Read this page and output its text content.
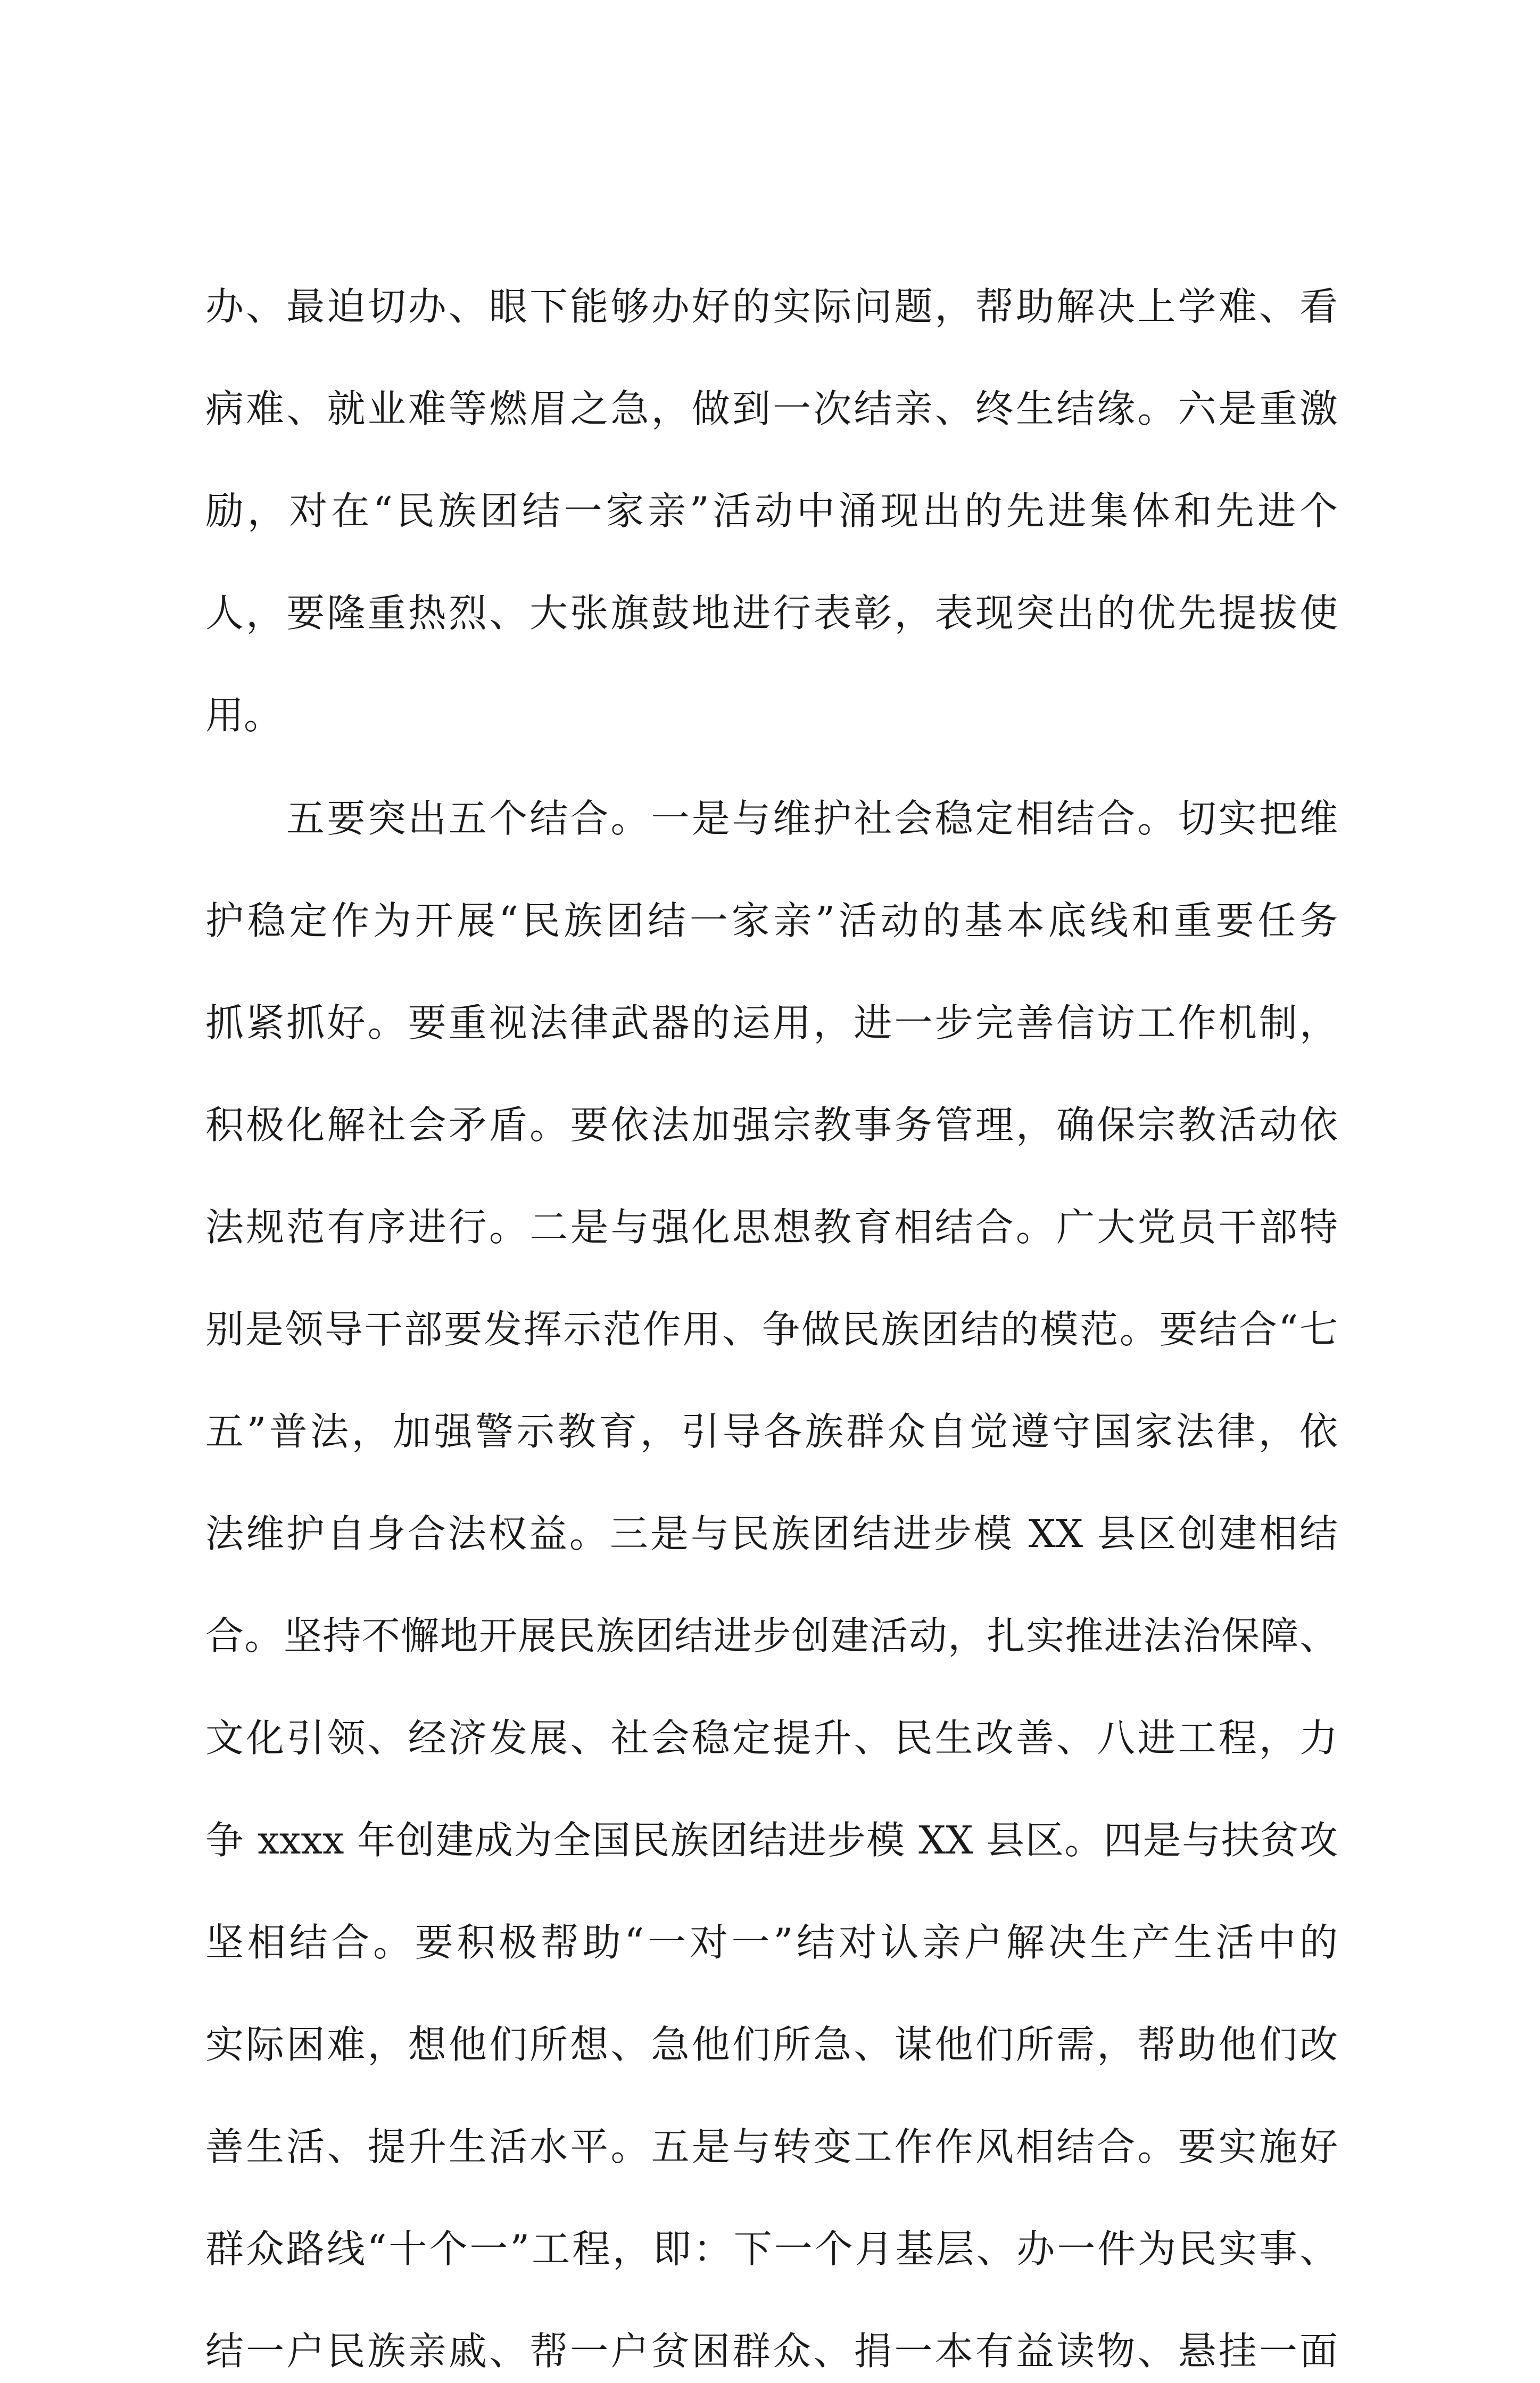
办、最迫切办、眼下能够办好的实际问题，帮助解决上学难、看
病难、就业难等燃眉之急，做到一次结亲、终生结缘。六是重激
励，对在“民族团结一家亲”活动中涌现出的先进集体和先进个
人，要隆重热烈、大张旗鼓地进行表彰，表现突出的优先提拔使
用。
　　五要突出五个结合。一是与维护社会稳定相结合。切实把维
护稳定作为开展“民族团结一家亲”活动的基本底线和重要任务
抓紧抓好。要重视法律武器的运用，进一步完善信访工作机制，
积极化解社会矛盾。要依法加强宗教事务管理，确保宗教活动依
法规范有序进行。二是与强化思想教育相结合。广大党员干部特
别是领导干部要发挥示范作用、争做民族团结的模范。要结合“七
五”普法，加强警示教育，引导各族群众自觉遵守国家法律，依
法维护自身合法权益。三是与民族团结进步模 XX 县区创建相结
合。坚持不懈地开展民族团结进步创建活动，扎实推进法治保障、
文化引领、经济发展、社会稳定提升、民生改善、八进工程，力
争 xxxx 年创建成为全国民族团结进步模 XX 县区。四是与扶贫攻
坚相结合。要积极帮助“一对一”结对认亲户解决生产生活中的
实际困难，想他们所想、急他们所急、谋他们所需，帮助他们改
善生活、提升生活水平。五是与转变工作作风相结合。要实施好
群众路线“十个一”工程，即：下一个月基层、办一件为民实事、
结一户民族亲戚、帮一户贫困群众、捐一本有益读物、悬挂一面
